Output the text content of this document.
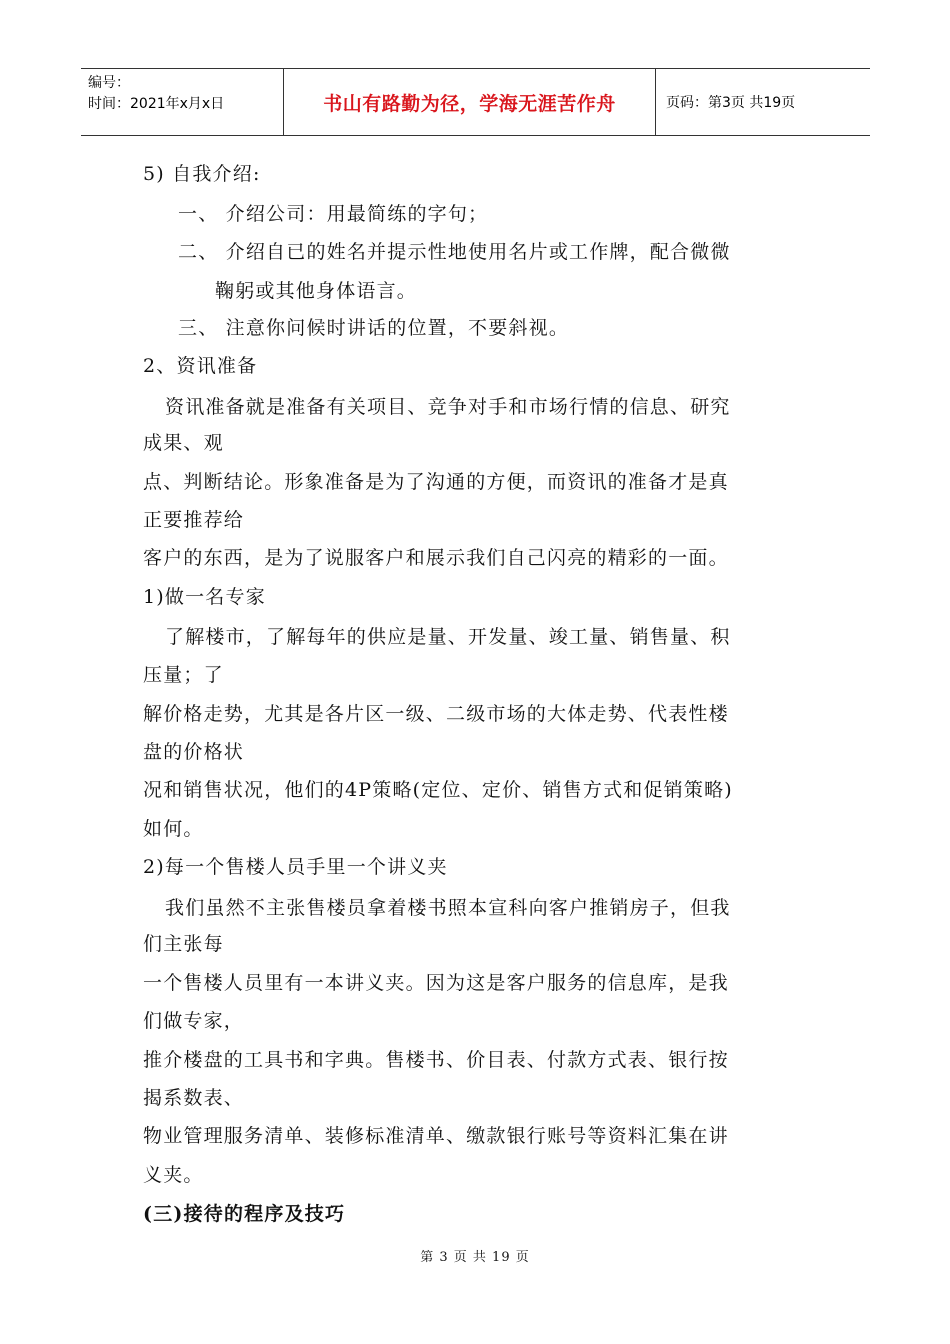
编号：
时间：2021年x月x日	书山有路勤为径，学海无涯苦作舟	页码：第3页 共19页
5) 自我介绍:
一、 介绍公司：用最简练的字句；
二、 介绍自已的姓名并提示性地使用名片或工作牌，配合微微
鞠躬或其他身体语言。
三、 注意你问候时讲话的位置，不要斜视。
2、资讯准备
资讯准备就是准备有关项目、竞争对手和市场行情的信息、研究
成果、观
点、判断结论。形象准备是为了沟通的方便，而资讯的准备才是真
正要推荐给
客户的东西，是为了说服客户和展示我们自己闪亮的精彩的一面。
1)做一名专家
了解楼市，了解每年的供应是量、开发量、竣工量、销售量、积
压量；了
解价格走势，尤其是各片区一级、二级市场的大体走势、代表性楼
盘的价格状
况和销售状况，他们的4P策略(定位、定价、销售方式和促销策略)
如何。
2)每一个售楼人员手里一个讲义夹
我们虽然不主张售楼员拿着楼书照本宣科向客户推销房子，但我
们主张每
一个售楼人员里有一本讲义夹。因为这是客户服务的信息库，是我
们做专家，
推介楼盘的工具书和字典。售楼书、价目表、付款方式表、银行按
揭系数表、
物业管理服务清单、装修标准清单、缴款银行账号等资料汇集在讲
义夹。
(三)接待的程序及技巧
第 3 页 共 19 页
